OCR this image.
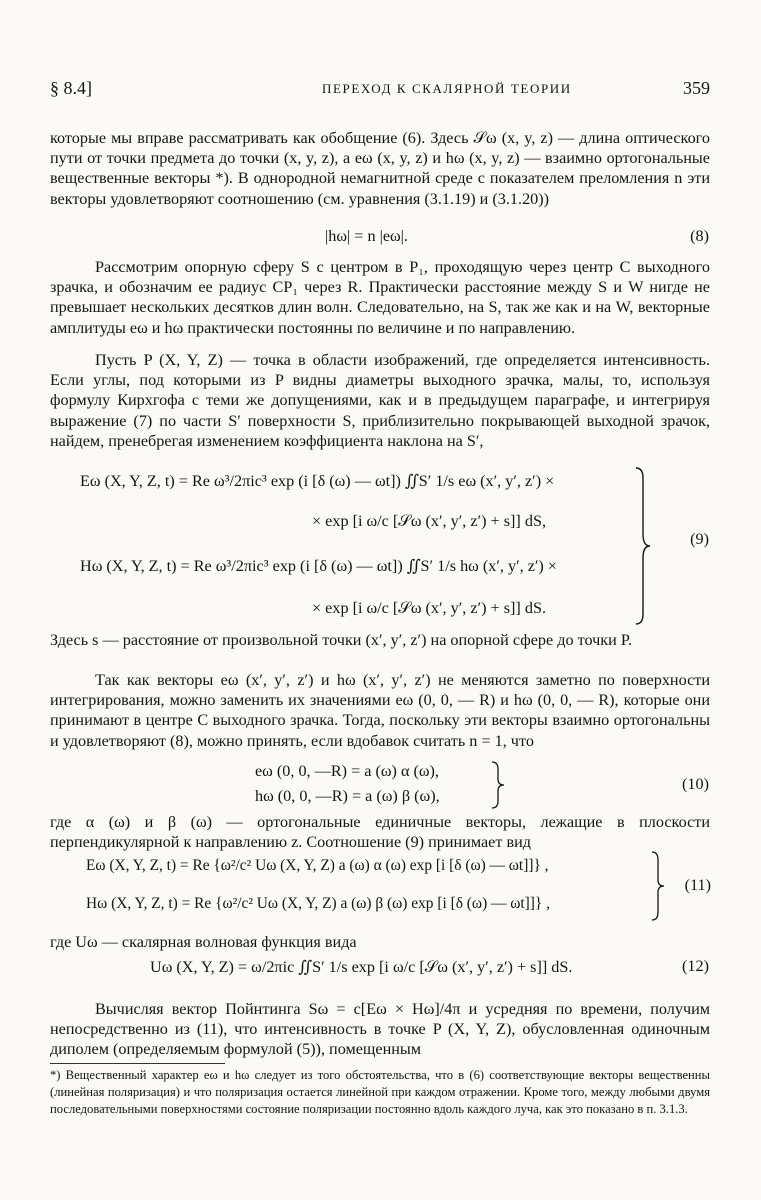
§ 8.4]	ПЕРЕХОД К СКАЛЯРНОЙ ТЕОРИИ	359

которые мы вправе рассматривать как обобщение (6). Здесь 𝒮ω (x, y, z) — длина оптического пути от точки предмета до точки (x, y, z), а eω (x, y, z) и hω (x, y, z) — взаимно ортогональные вещественные векторы *). В однородной немагнитной среде с показателем преломления n эти векторы удовлетворяют соотношению (см. уравнения (3.1.19) и (3.1.20))

|hω| = n |eω|.	(8)

Рассмотрим опорную сферу S с центром в P₁, проходящую через центр C выходного зрачка, и обозначим ее радиус CP₁ через R. Практически расстояние между S и W нигде не превышает нескольких десятков длин волн. Следовательно, на S, так же как и на W, векторные амплитуды eω и hω практически постоянны по величине и по направлению.

Пусть P (X, Y, Z) — точка в области изображений, где определяется интенсивность. Если углы, под которыми из P видны диаметры выходного зрачка, малы, то, используя формулу Кирхгофа с теми же допущениями, как и в предыдущем параграфе, и интегрируя выражение (7) по части S′ поверхности S, приблизительно покрывающей выходной зрачок, найдем, пренебрегая изменением коэффициента наклона на S′,

Eω (X, Y, Z, t) = Re ω³/2πic³ exp (i [δ (ω) — ωt]) ∬S′ 1/s eω (x′, y′, z′) ×
× exp [i ω/c [𝒮ω (x′, y′, z′) + s]] dS,
Hω (X, Y, Z, t) = Re ω³/2πic³ exp (i [δ (ω) — ωt]) ∬S′ 1/s hω (x′, y′, z′) ×
× exp [i ω/c [𝒮ω (x′, y′, z′) + s]] dS.
(9)

Здесь s — расстояние от произвольной точки (x′, y′, z′) на опорной сфере до точки P.

Так как векторы eω (x′, y′, z′) и hω (x′, y′, z′) не меняются заметно по поверхности интегрирования, можно заменить их значениями eω (0, 0, — R) и hω (0, 0, — R), которые они принимают в центре C выходного зрачка. Тогда, поскольку эти векторы взаимно ортогональны и удовлетворяют (8), можно принять, если вдобавок считать n = 1, что

eω (0, 0, —R) = a (ω) α (ω),
hω (0, 0, —R) = a (ω) β (ω),
(10)

где α (ω) и β (ω) — ортогональные единичные векторы, лежащие в плоскости перпендикулярной к направлению z. Соотношение (9) принимает вид

Eω (X, Y, Z, t) = Re {ω²/c² Uω (X, Y, Z) a (ω) α (ω) exp [i [δ (ω) — ωt]]} ,
Hω (X, Y, Z, t) = Re {ω²/c² Uω (X, Y, Z) a (ω) β (ω) exp [i [δ (ω) — ωt]]} ,
(11)

где Uω — скалярная волновая функция вида

Uω (X, Y, Z) = ω/2πic ∬S′ 1/s exp [i ω/c [𝒮ω (x′, y′, z′) + s]] dS.	(12)

Вычисляя вектор Пойнтинга Sω = c[Eω × Hω]/4π и усредняя по времени, получим непосредственно из (11), что интенсивность в точке P (X, Y, Z), обусловленная одиночным диполем (определяемым формулой (5)), помещенным

*) Вещественный характер eω и hω следует из того обстоятельства, что в (6) соответствующие векторы вещественны (линейная поляризация) и что поляризация остается линейной при каждом отражении. Кроме того, между любыми двумя последовательными поверхностями состояние поляризации постоянно вдоль каждого луча, как это показано в п. 3.1.3.
